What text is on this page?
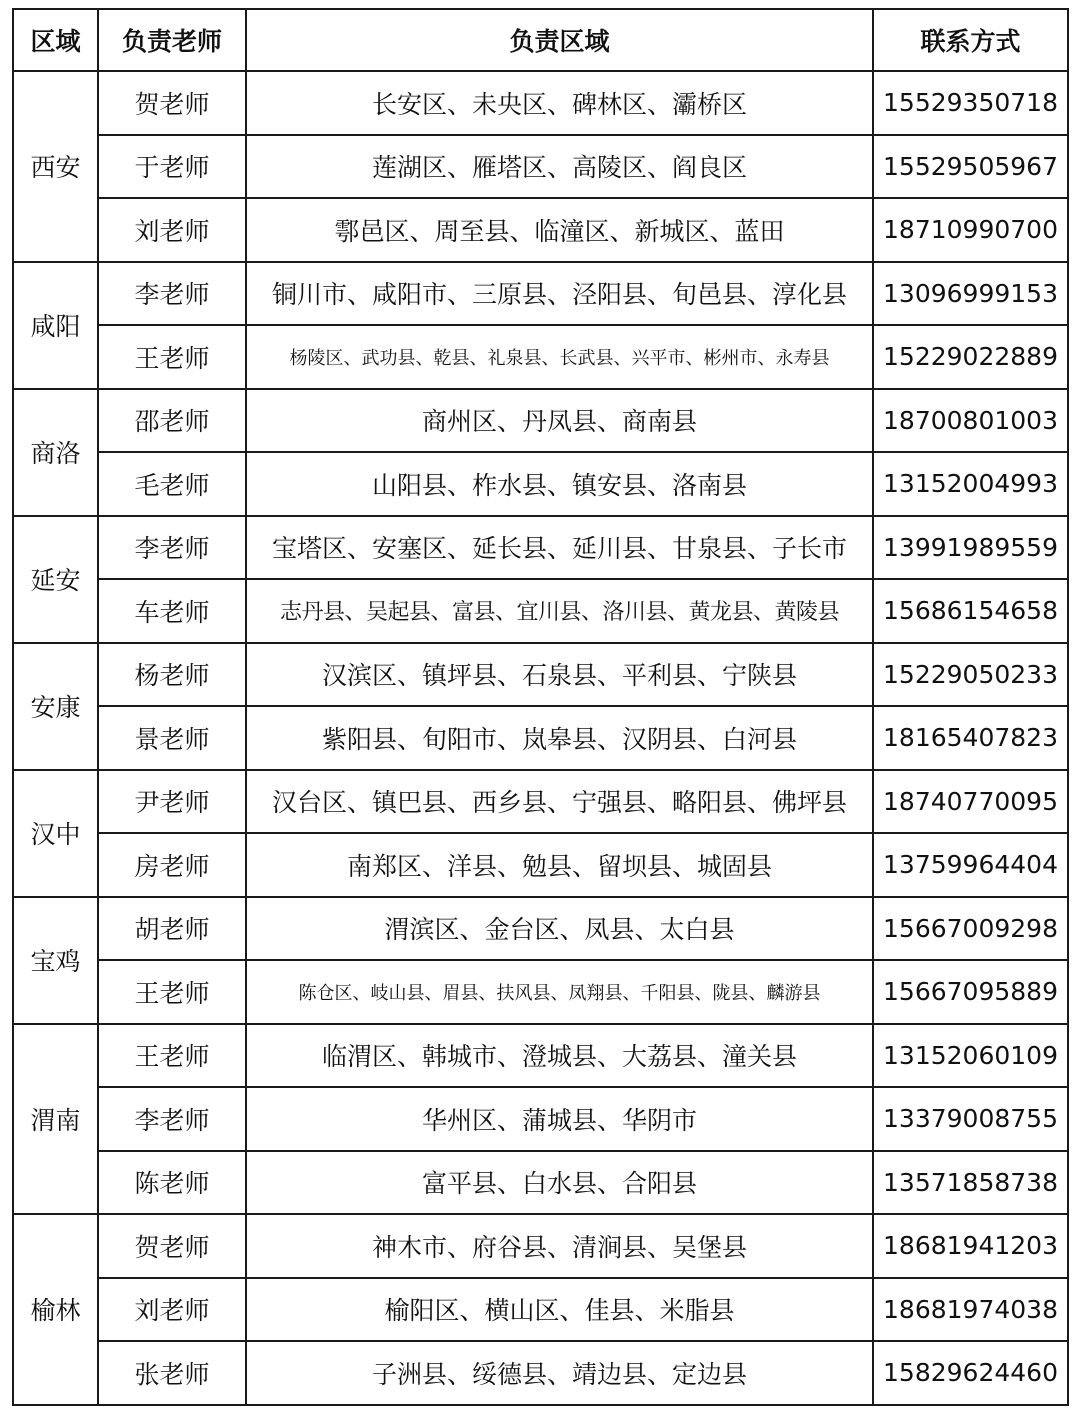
区域	负责老师	负责区域	联系方式
西安	贺老师	长安区、未央区、碑林区、灞桥区	15529350718
	于老师	莲湖区、雁塔区、高陵区、阎良区	15529505967
	刘老师	鄠邑区、周至县、临潼区、新城区、蓝田	18710990700
咸阳	李老师	铜川市、咸阳市、三原县、泾阳县、旬邑县、淳化县	13096999153
	王老师	杨陵区、武功县、乾县、礼泉县、长武县、兴平市、彬州市、永寿县	15229022889
商洛	邵老师	商州区、丹凤县、商南县	18700801003
	毛老师	山阳县、柞水县、镇安县、洛南县	13152004993
延安	李老师	宝塔区、安塞区、延长县、延川县、甘泉县、子长市	13991989559
	车老师	志丹县、吴起县、富县、宜川县、洛川县、黄龙县、黄陵县	15686154658
安康	杨老师	汉滨区、镇坪县、石泉县、平利县、宁陕县	15229050233
	景老师	紫阳县、旬阳市、岚皋县、汉阴县、白河县	18165407823
汉中	尹老师	汉台区、镇巴县、西乡县、宁强县、略阳县、佛坪县	18740770095
	房老师	南郑区、洋县、勉县、留坝县、城固县	13759964404
宝鸡	胡老师	渭滨区、金台区、凤县、太白县	15667009298
	王老师	陈仓区、岐山县、眉县、扶风县、凤翔县、千阳县、陇县、麟游县	15667095889
渭南	王老师	临渭区、韩城市、澄城县、大荔县、潼关县	13152060109
	李老师	华州区、蒲城县、华阴市	13379008755
	陈老师	富平县、白水县、合阳县	13571858738
榆林	贺老师	神木市、府谷县、清涧县、吴堡县	18681941203
	刘老师	榆阳区、横山区、佳县、米脂县	18681974038
	张老师	子洲县、绥德县、靖边县、定边县	15829624460
